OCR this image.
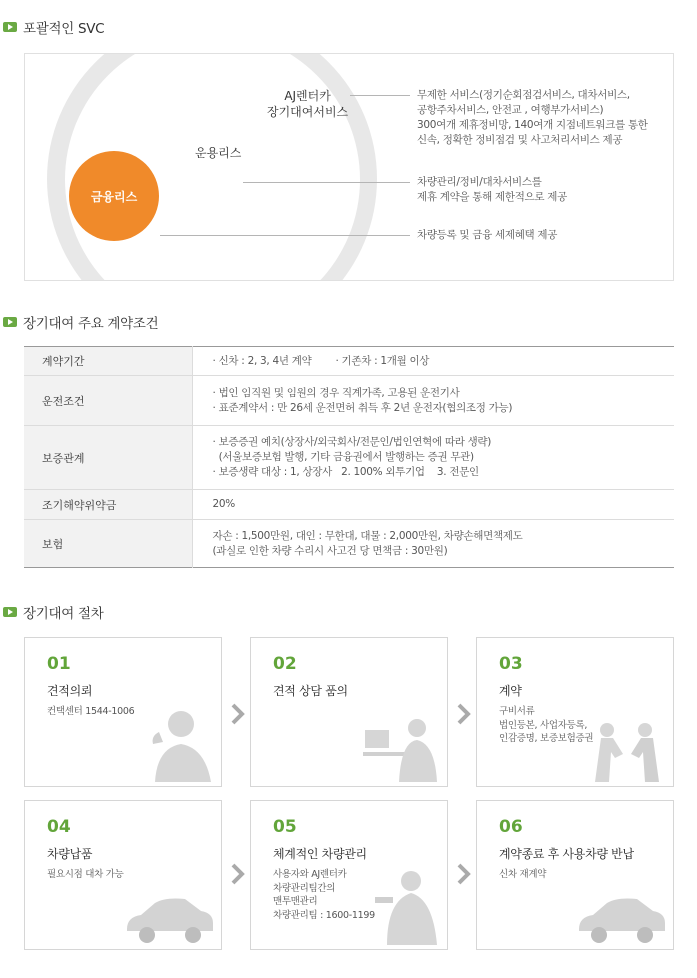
포괄적인 SVC
금융리스
운용리스
AJ렌터카
장기대여서비스
무제한 서비스(정기순회점검서비스, 대차서비스,
공항주차서비스, 안전교 , 여행부가서비스)
300여개 제휴정비망, 140여개 지점네트워크를 통한
신속, 정확한 정비점검 및 사고처리서비스 제공
차량관리/정비/대차서비스를
제휴 계약을 통해 제한적으로 제공
차량등록 및 금융 세제혜택 제공
장기대여 주요 계약조건
계약기간	· 신차 : 2, 3, 4년 계약 · 기존차 : 1개월 이상
운전조건	· 법인 임직원 및 임원의 경우 직계가족, 고용된 운전기사
· 표준계약서 : 만 26세 운전면허 취득 후 2년 운전자(협의조정 가능)

보증관계	· 보증증권 예치(상장사/외국회사/전문인/법인연혁에 따라 생략)
(서울보증보험 발행, 기타 금융권에서 발행하는 증권 무관)
· 보증생략 대상 : 1, 상장사   2. 100% 외투기업    3. 전문인

조기해약위약금	20%

보험	자손 : 1,500만원, 대인 : 무한대, 대물 : 2,000만원, 차량손해면책제도
(과실로 인한 차량 수리시 사고건 당 면책금 : 30만원)
장기대여 절차
01
견적의뢰
컨택센터 1544-1006
02
견적 상담 품의
03
계약
구비서류
법인등본, 사업자등록,
인감증명, 보증보험증권
04
차량납품
필요시점 대차 가능
05
체계적인 차량관리
사용자와 AJ렌터카
차량관리팀간의
맨투맨관리
차량관리팀 : 1600-1199
06
계약종료 후 사용차량 반납
신차 재계약
